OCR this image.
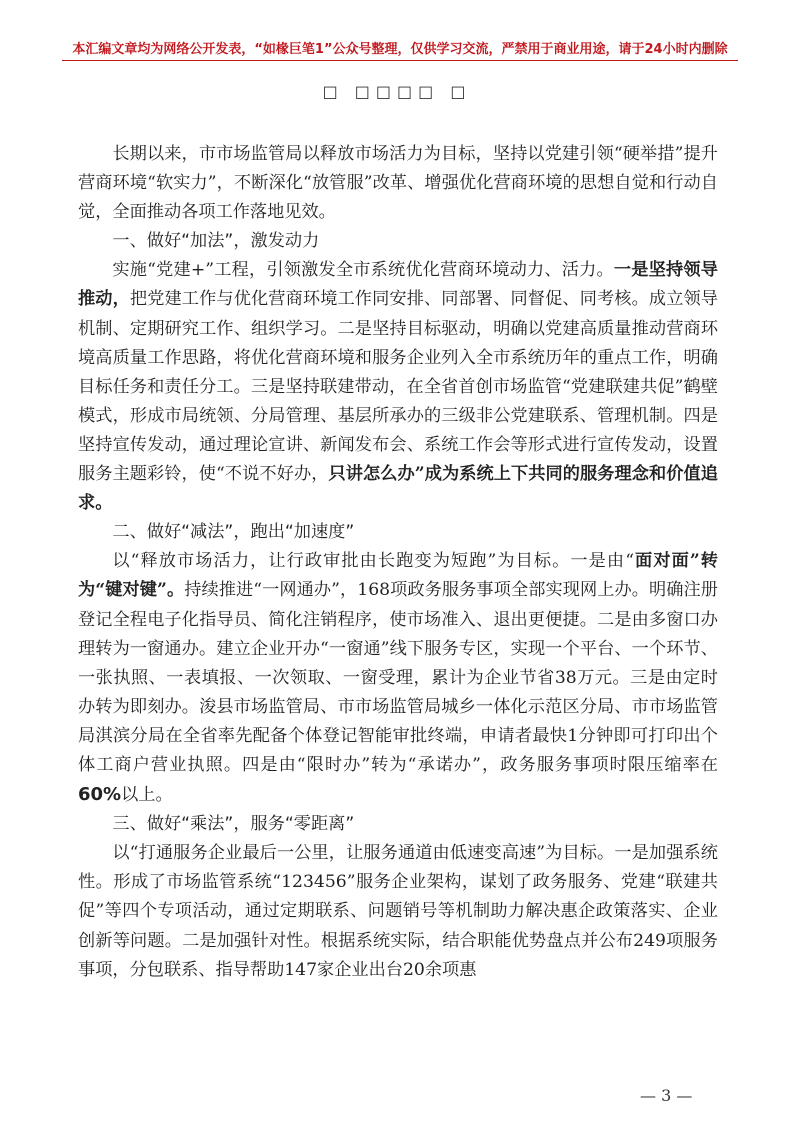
本汇编文章均为网络公开发表，“如椽巨笔1”公众号整理，仅供学习交流，严禁用于商业用途，请于24小时内删除
□ □□□□ □

长期以来，市市场监管局以释放市场活力为目标，坚持以党建引领“硬举措”提升营商环境“软实力”，不断深化“放管服”改革、增强优化营商环境的思想自觉和行动自觉，全面推动各项工作落地见效。

一、做好“加法”，激发动力

实施“党建+”工程，引领激发全市系统优化营商环境动力、活力。一是坚持领导推动，把党建工作与优化营商环境工作同安排、同部署、同督促、同考核。成立领导机制、定期研究工作、组织学习。二是坚持目标驱动，明确以党建高质量推动营商环境高质量工作思路，将优化营商环境和服务企业列入全市系统历年的重点工作，明确目标任务和责任分工。三是坚持联建带动，在全省首创市场监管“党建联建共促”鹤壁模式，形成市局统领、分局管理、基层所承办的三级非公党建联系、管理机制。四是坚持宣传发动，通过理论宣讲、新闻发布会、系统工作会等形式进行宣传发动，设置服务主题彩铃，使“不说不好办，只讲怎么办”成为系统上下共同的服务理念和价值追求。

二、做好“减法”，跑出“加速度”

以“释放市场活力，让行政审批由长跑变为短跑”为目标。一是由“面对面”转为“键对键”。持续推进“一网通办”，168项政务服务事项全部实现网上办。明确注册登记全程电子化指导员、简化注销程序，使市场准入、退出更便捷。二是由多窗口办理转为一窗通办。建立企业开办“一窗通”线下服务专区，实现一个平台、一个环节、一张执照、一表填报、一次领取、一窗受理，累计为企业节省38万元。三是由定时办转为即刻办。浚县市场监管局、市市场监管局城乡一体化示范区分局、市市场监管局淇滨分局在全省率先配备个体登记智能审批终端，申请者最快1分钟即可打印出个体工商户营业执照。四是由“限时办”转为“承诺办”，政务服务事项时限压缩率在60%以上。

三、做好“乘法”，服务“零距离”

以“打通服务企业最后一公里，让服务通道由低速变高速”为目标。一是加强系统性。形成了市场监管系统“123456”服务企业架构，谋划了政务服务、党建“联建共促”等四个专项活动，通过定期联系、问题销号等机制助力解决惠企政策落实、企业创新等问题。二是加强针对性。根据系统实际，结合职能优势盘点并公布249项服务事项，分包联系、指导帮助147家企业出台20余项惠

— 3 —
